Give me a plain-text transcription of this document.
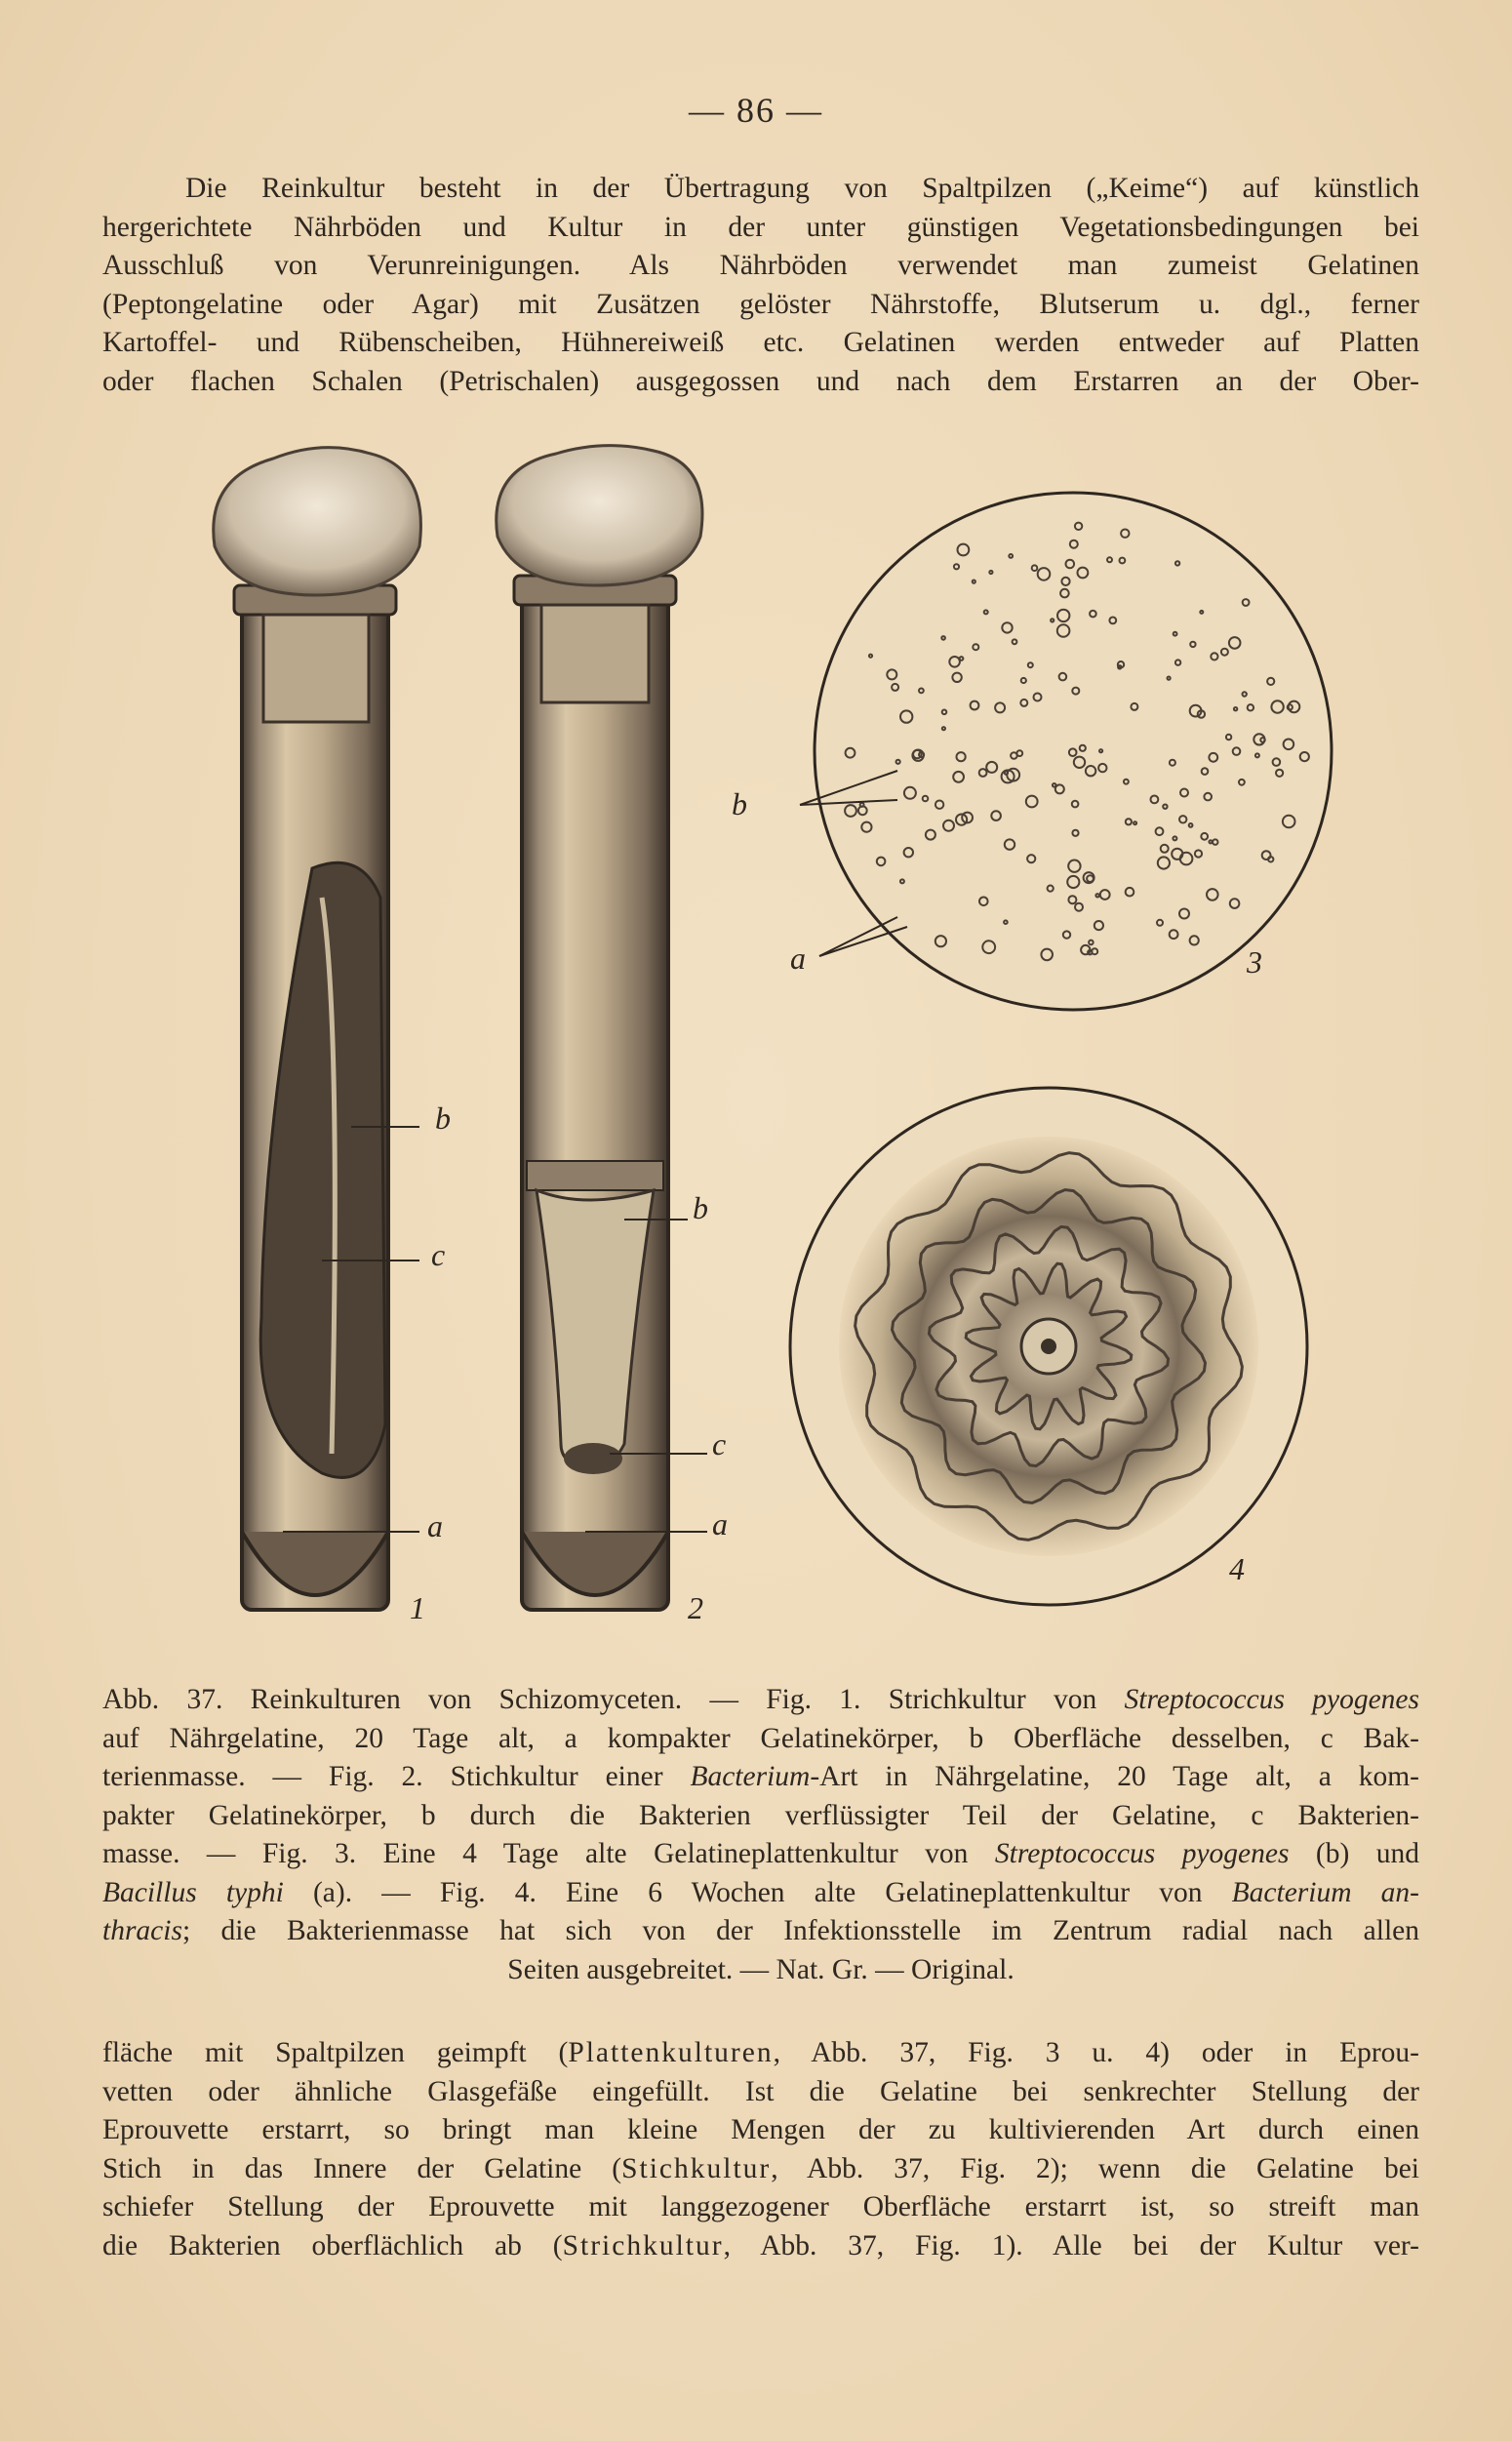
— 86 —
Die Reinkultur besteht in der Übertragung von Spaltpilzen („Keime“) auf künstlich
hergerichtete Nährböden und Kultur in der unter günstigen Vegetationsbedingungen bei
Ausschluß von Verunreinigungen. Als Nährböden verwendet man zumeist Gelatinen
(Peptongelatine oder Agar) mit Zusätzen gelöster Nährstoffe, Blutserum u. dgl., ferner
Kartoffel- und Rübenscheiben, Hühnereiweiß etc. Gelatinen werden entweder auf Platten
oder flachen Schalen (Petrischalen) ausgegossen und nach dem Erstarren an der Ober-
b
c
a
1
b
c
a
2
b
a	3
4
Abb. 37. Reinkulturen von Schizomyceten. — Fig. 1. Strichkultur von Streptococcus pyogenes
auf Nährgelatine, 20 Tage alt, a kompakter Gelatinekörper, b Oberfläche desselben, c Bak-
terienmasse. — Fig. 2. Stichkultur einer Bacterium-Art in Nährgelatine, 20 Tage alt, a kom-
pakter Gelatinekörper, b durch die Bakterien verflüssigter Teil der Gelatine, c Bakterien-
masse. — Fig. 3. Eine 4 Tage alte Gelatineplattenkultur von Streptococcus pyogenes (b) und
Bacillus typhi (a). — Fig. 4. Eine 6 Wochen alte Gelatineplattenkultur von Bacterium an-
thracis; die Bakterienmasse hat sich von der Infektionsstelle im Zentrum radial nach allen
Seiten ausgebreitet. — Nat. Gr. — Original.
fläche mit Spaltpilzen geimpft (Plattenkulturen, Abb. 37, Fig. 3 u. 4) oder in Eprou-
vetten oder ähnliche Glasgefäße eingefüllt. Ist die Gelatine bei senkrechter Stellung der
Eprouvette erstarrt, so bringt man kleine Mengen der zu kultivierenden Art durch einen
Stich in das Innere der Gelatine (Stichkultur, Abb. 37, Fig. 2); wenn die Gelatine bei
schiefer Stellung der Eprouvette mit langgezogener Oberfläche erstarrt ist, so streift man
die Bakterien oberflächlich ab (Strichkultur, Abb. 37, Fig. 1). Alle bei der Kultur ver-
